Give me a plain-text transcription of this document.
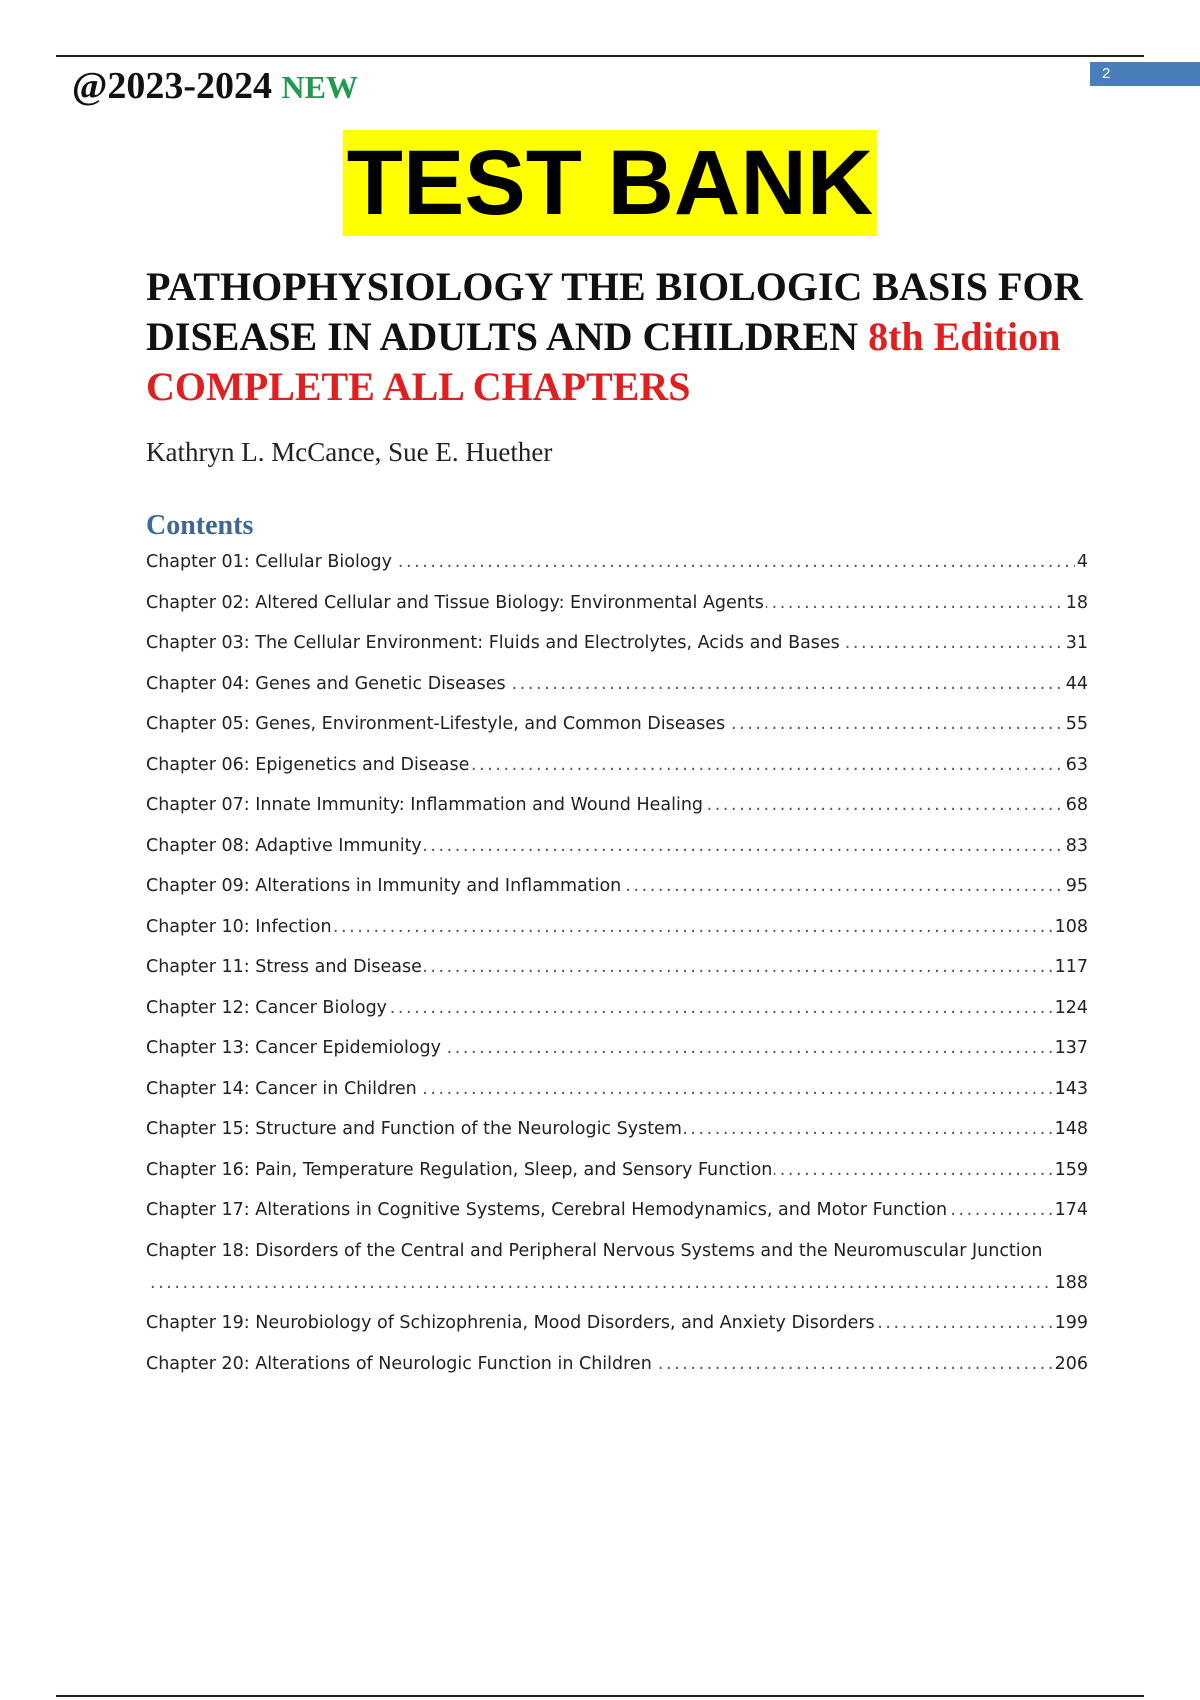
2
@2023-2024 NEW
TEST BANK
PATHOPHYSIOLOGY THE BIOLOGIC BASIS FOR DISEASE IN ADULTS AND CHILDREN 8th Edition
COMPLETE ALL CHAPTERS
Kathryn L. McCance, Sue E. Huether
Contents
Chapter 01: Cellular Biology	4
. . .
Chapter 02: Altered Cellular and Tissue Biology: Environmental Agents	18
. . .
Chapter 03: The Cellular Environment: Fluids and Electrolytes, Acids and Bases	31
. . .
Chapter 04: Genes and Genetic Diseases	44
. . .
Chapter 05: Genes, Environment-Lifestyle, and Common Diseases	55
. . .
Chapter 06: Epigenetics and Disease	63
. . .
Chapter 07: Innate Immunity: Inflammation and Wound Healing	68
. . .
Chapter 08: Adaptive Immunity	83
. . .
Chapter 09: Alterations in Immunity and Inflammation	95
. . .
Chapter 10: Infection	108
. . .
Chapter 11: Stress and Disease	117
. . .
Chapter 12: Cancer Biology	124
. . .
Chapter 13: Cancer Epidemiology	137
. . .
Chapter 14: Cancer in Children	143
. . .
Chapter 15: Structure and Function of the Neurologic System	148
. . .
Chapter 16: Pain, Temperature Regulation, Sleep, and Sensory Function	159
. . .
Chapter 17: Alterations in Cognitive Systems, Cerebral Hemodynamics, and Motor Function	174
. . .
Chapter 18: Disorders of the Central and Peripheral Nervous Systems and the Neuromuscular Junction
188
. . .
Chapter 19: Neurobiology of Schizophrenia, Mood Disorders, and Anxiety Disorders	199
. . .
Chapter 20: Alterations of Neurologic Function in Children	206
. . .
